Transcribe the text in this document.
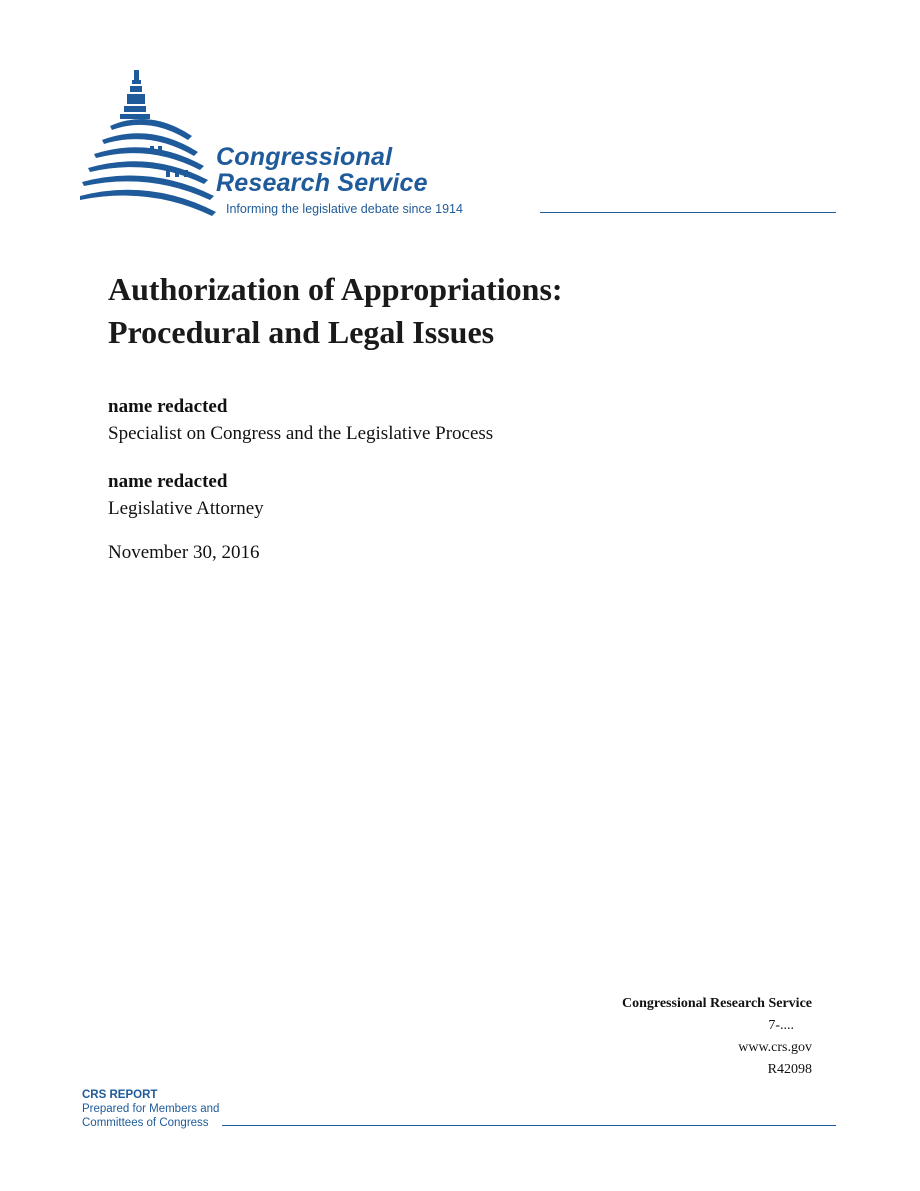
Congressional
Research Service
Informing the legislative debate since 1914
Authorization of Appropriations:
Procedural and Legal Issues
name redacted
Specialist on Congress and the Legislative Process
name redacted
Legislative Attorney
November 30, 2016
Congressional Research Service
7-....
www.crs.gov
R42098
CRS REPORT
Prepared for Members and
Committees of Congress
